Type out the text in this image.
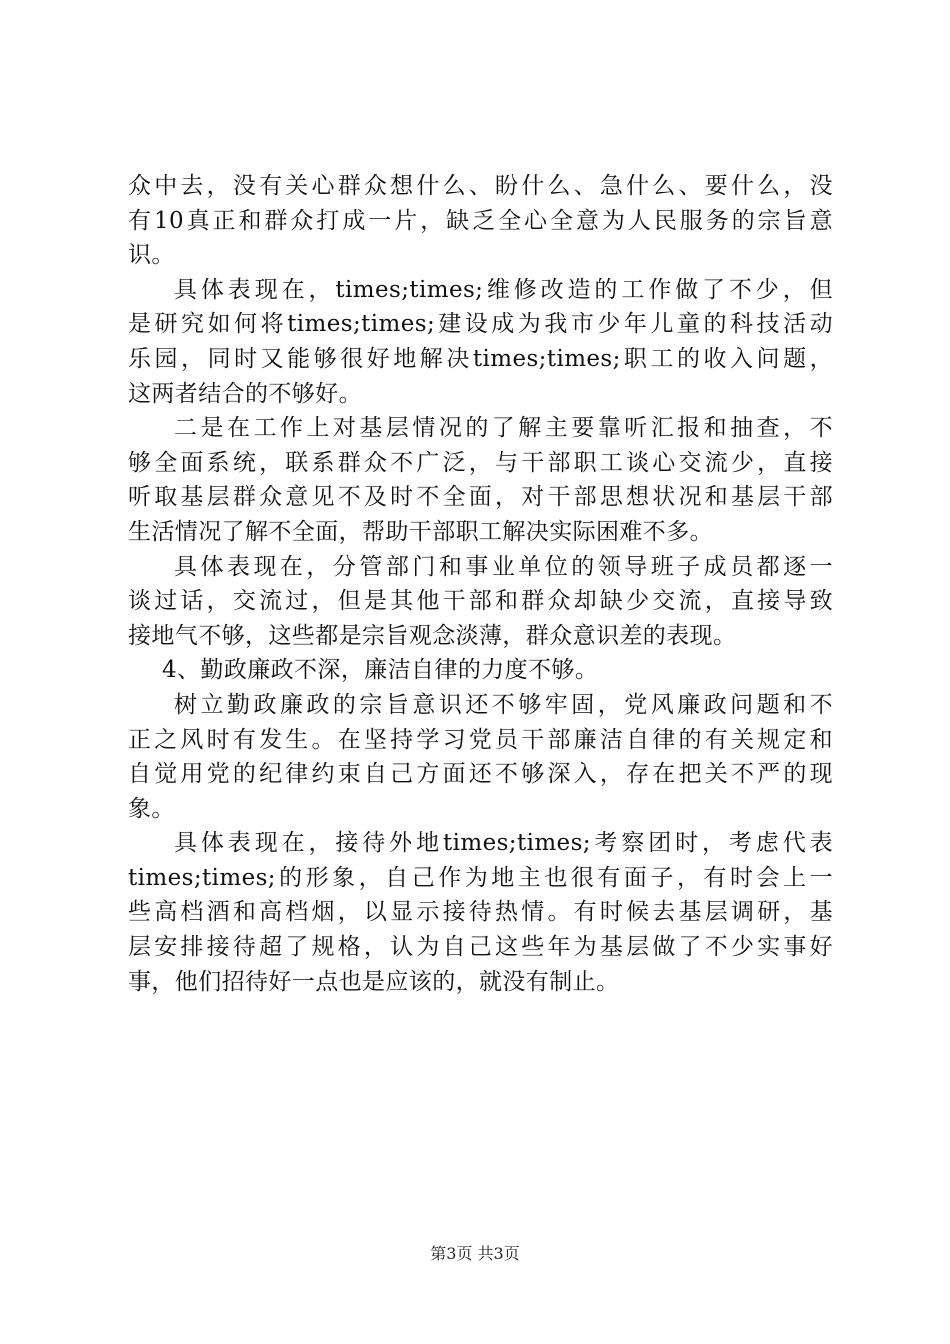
众中去，没有关心群众想什么、盼什么、急什么、要什么，没
有10真正和群众打成一片，缺乏全心全意为人民服务的宗旨意
识。
具体表现在，times;times;维修改造的工作做了不少，但
是研究如何将times;times;建设成为我市少年儿童的科技活动
乐园，同时又能够很好地解决times;times;职工的收入问题，
这两者结合的不够好。
二是在工作上对基层情况的了解主要靠听汇报和抽查，不
够全面系统，联系群众不广泛，与干部职工谈心交流少，直接
听取基层群众意见不及时不全面，对干部思想状况和基层干部
生活情况了解不全面，帮助干部职工解决实际困难不多。
具体表现在，分管部门和事业单位的领导班子成员都逐一
谈过话，交流过，但是其他干部和群众却缺少交流，直接导致
接地气不够，这些都是宗旨观念淡薄，群众意识差的表现。
4、勤政廉政不深，廉洁自律的力度不够。
树立勤政廉政的宗旨意识还不够牢固，党风廉政问题和不
正之风时有发生。在坚持学习党员干部廉洁自律的有关规定和
自觉用党的纪律约束自己方面还不够深入，存在把关不严的现
象。
具体表现在，接待外地times;times;考察团时，考虑代表
times;times;的形象，自己作为地主也很有面子，有时会上一
些高档酒和高档烟，以显示接待热情。有时候去基层调研，基
层安排接待超了规格，认为自己这些年为基层做了不少实事好
事，他们招待好一点也是应该的，就没有制止。
第3页 共3页
